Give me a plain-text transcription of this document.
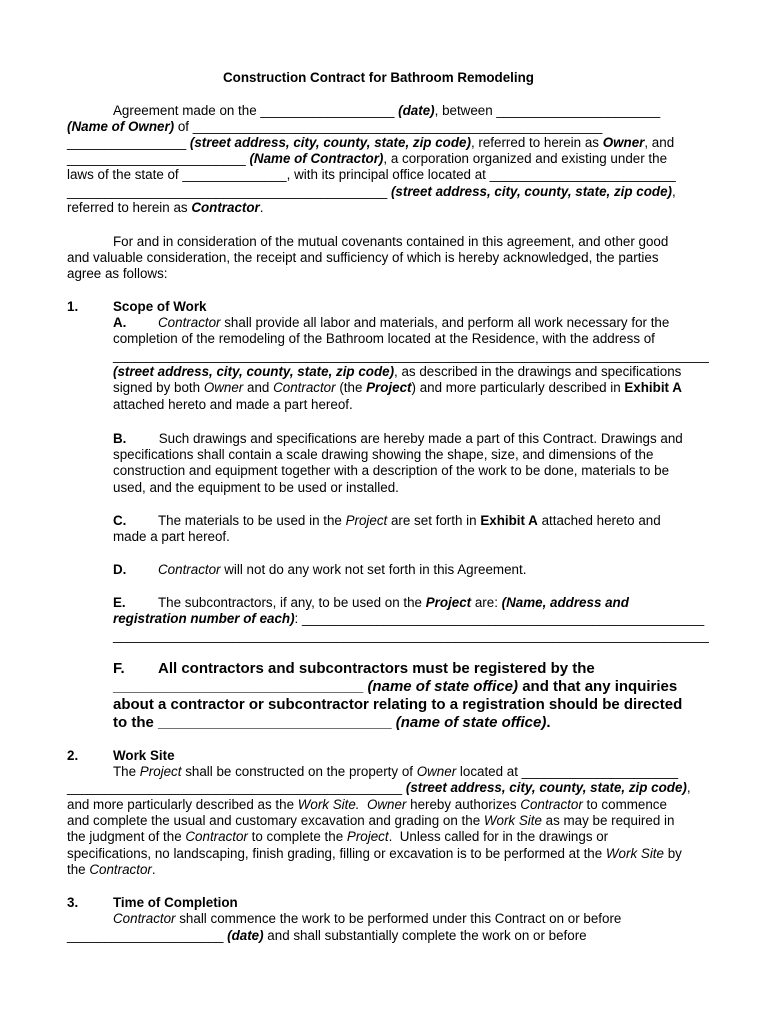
Construction Contract for Bathroom Remodeling
Agreement made on the __________________ (date), between ______________________
(Name of Owner) of _______________________________________________________
________________ (street address, city, county, state, zip code), referred to herein as Owner, and
________________________ (Name of Contractor), a corporation organized and existing under the
laws of the state of ______________, with its principal office located at _________________________
___________________________________________ (street address, city, county, state, zip code),
referred to herein as Contractor.
For and in consideration of the mutual covenants contained in this agreement, and other good
and valuable consideration, the receipt and sufficiency of which is hereby acknowledged, the parties
agree as follows:
1.	Scope of Work
A. Contractor shall provide all labor and materials, and perform all work necessary for the
completion of the remodeling of the Bathroom located at the Residence, with the address of
________________________________________________________________________________
(street address, city, county, state, zip code), as described in the drawings and specifications
signed by both Owner and Contractor (the Project) and more particularly described in Exhibit A
attached hereto and made a part hereof.
B. Such drawings and specifications are hereby made a part of this Contract. Drawings and
specifications shall contain a scale drawing showing the shape, size, and dimensions of the
construction and equipment together with a description of the work to be done, materials to be
used, and the equipment to be used or installed.
C. The materials to be used in the Project are set forth in Exhibit A attached hereto and
made a part hereof.
D. Contractor will not do any work not set forth in this Agreement.
E. The subcontractors, if any, to be used on the Project are: (Name, address and
registration number of each): ______________________________________________________
________________________________________________________________________________
F. All contractors and subcontractors must be registered by the
______________________________ (name of state office) and that any inquiries
about a contractor or subcontractor relating to a registration should be directed
to the ____________________________ (name of state office).
2.	Work Site
The Project shall be constructed on the property of Owner located at _____________________
_____________________________________________ (street address, city, county, state, zip code),
and more particularly described as the Work Site. Owner hereby authorizes Contractor to commence
and complete the usual and customary excavation and grading on the Work Site as may be required in
the judgment of the Contractor to complete the Project.  Unless called for in the drawings or
specifications, no landscaping, finish grading, filling or excavation is to be performed at the Work Site by
the Contractor.
3.	Time of Completion
Contractor shall commence the work to be performed under this Contract on or before
_____________________ (date) and shall substantially complete the work on or before
